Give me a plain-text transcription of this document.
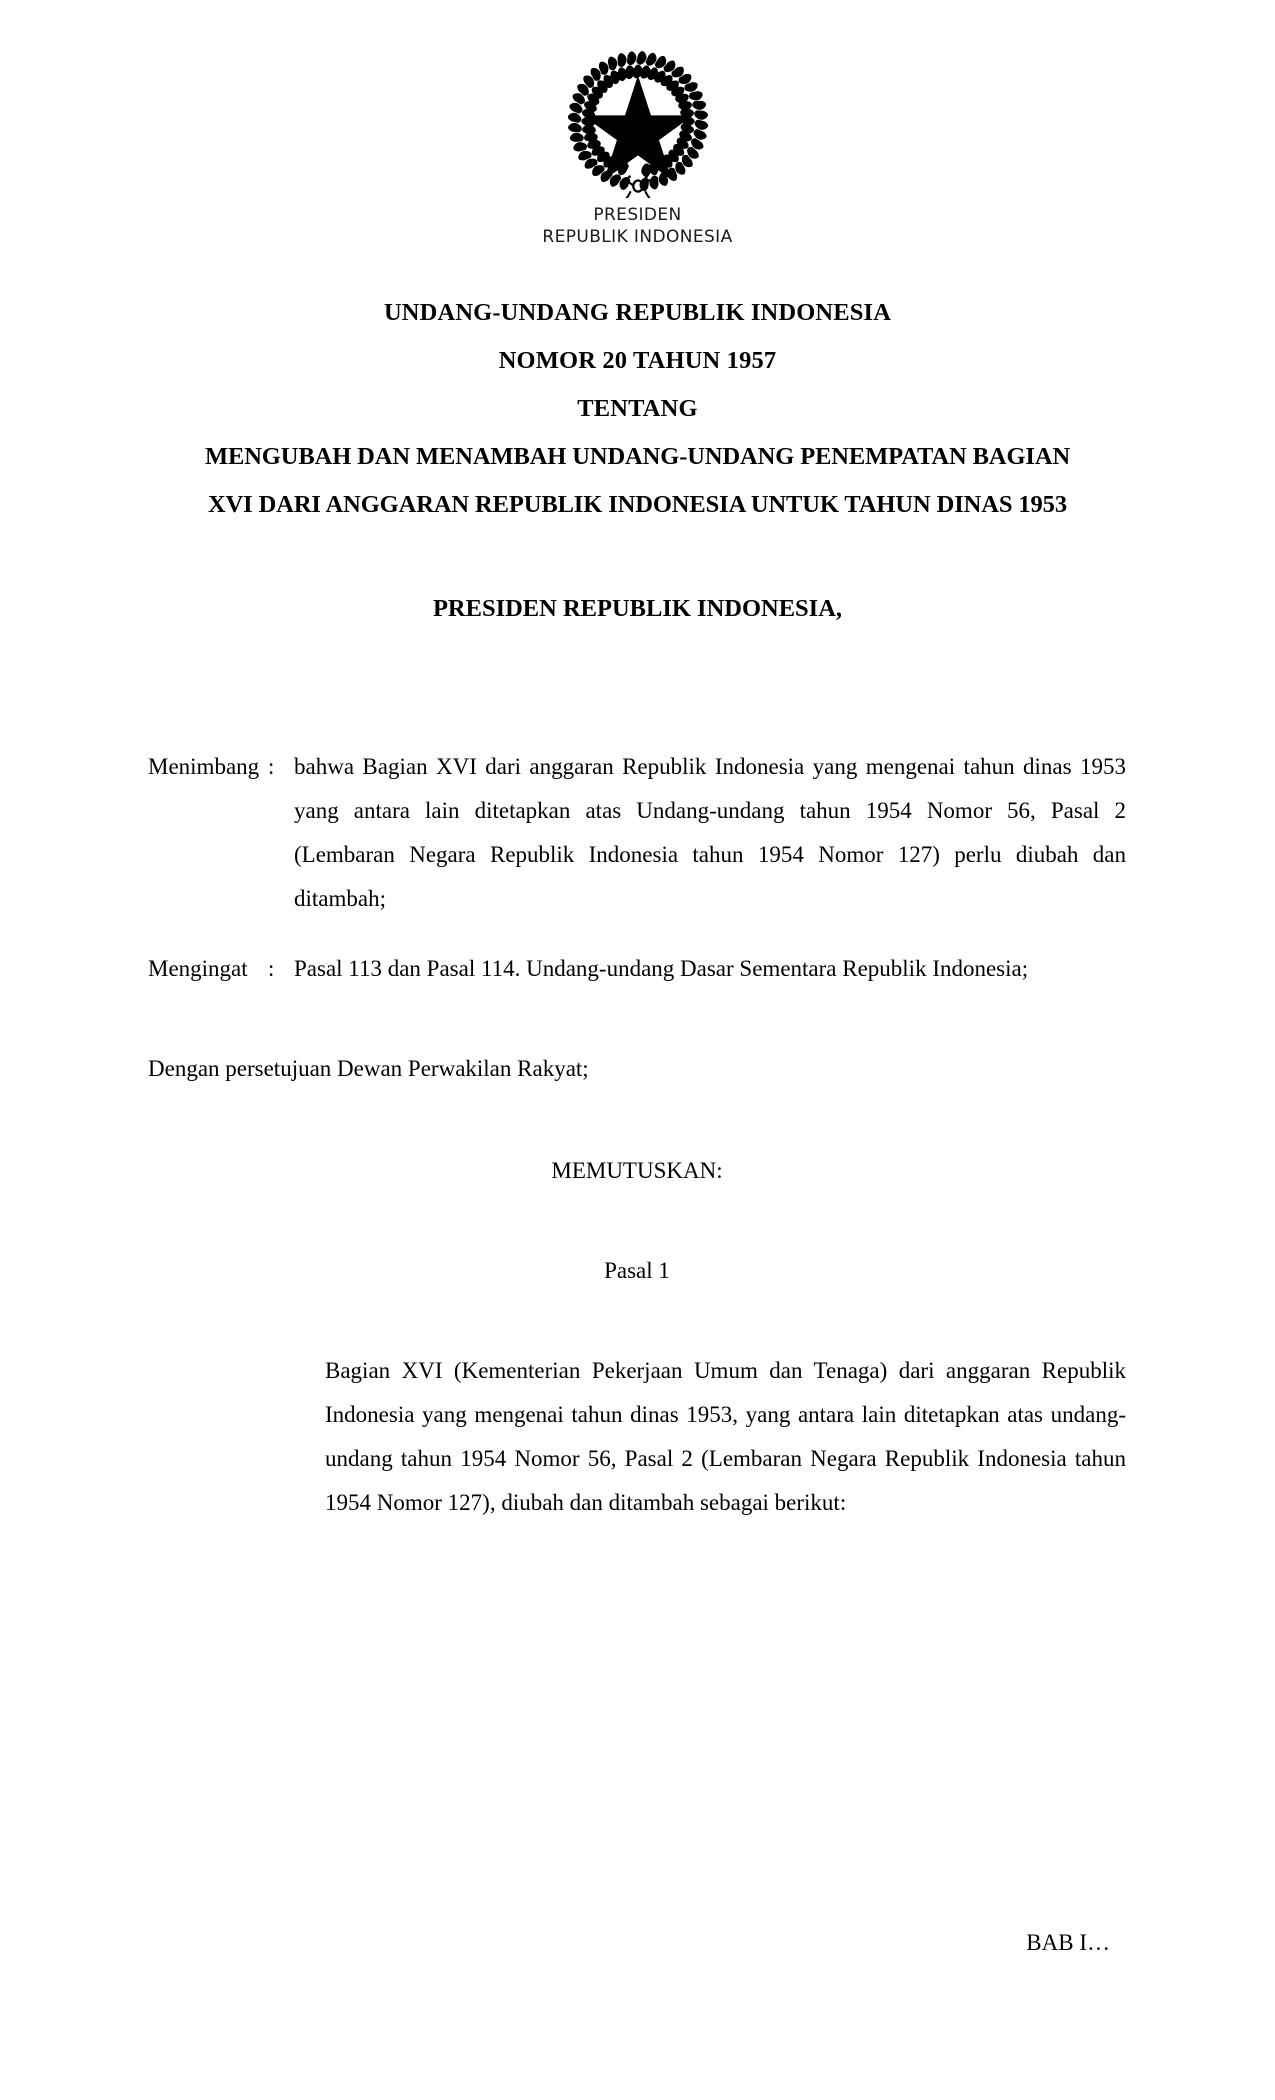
PRESIDEN
REPUBLIK INDONESIA
UNDANG-UNDANG REPUBLIK INDONESIA
NOMOR 20 TAHUN 1957
TENTANG
MENGUBAH DAN MENAMBAH UNDANG-UNDANG PENEMPATAN BAGIAN
XVI DARI ANGGARAN REPUBLIK INDONESIA UNTUK TAHUN DINAS 1953
PRESIDEN REPUBLIK INDONESIA,
Menimbang : bahwa Bagian XVI dari anggaran Republik Indonesia yang mengenai tahun dinas 1953 yang antara lain ditetapkan atas Undang-undang tahun 1954 Nomor 56, Pasal 2 (Lembaran Negara Republik Indonesia tahun 1954 Nomor 127) perlu diubah dan ditambah;
Mengingat : Pasal 113 dan Pasal 114. Undang-undang Dasar Sementara Republik Indonesia;
Dengan persetujuan Dewan Perwakilan Rakyat;
MEMUTUSKAN:
Pasal 1
Bagian XVI (Kementerian Pekerjaan Umum dan Tenaga) dari anggaran Republik Indonesia yang mengenai tahun dinas 1953, yang antara lain ditetapkan atas undang-undang tahun 1954 Nomor 56, Pasal 2 (Lembaran Negara Republik Indonesia tahun 1954 Nomor 127), diubah dan ditambah sebagai berikut:
BAB I…
